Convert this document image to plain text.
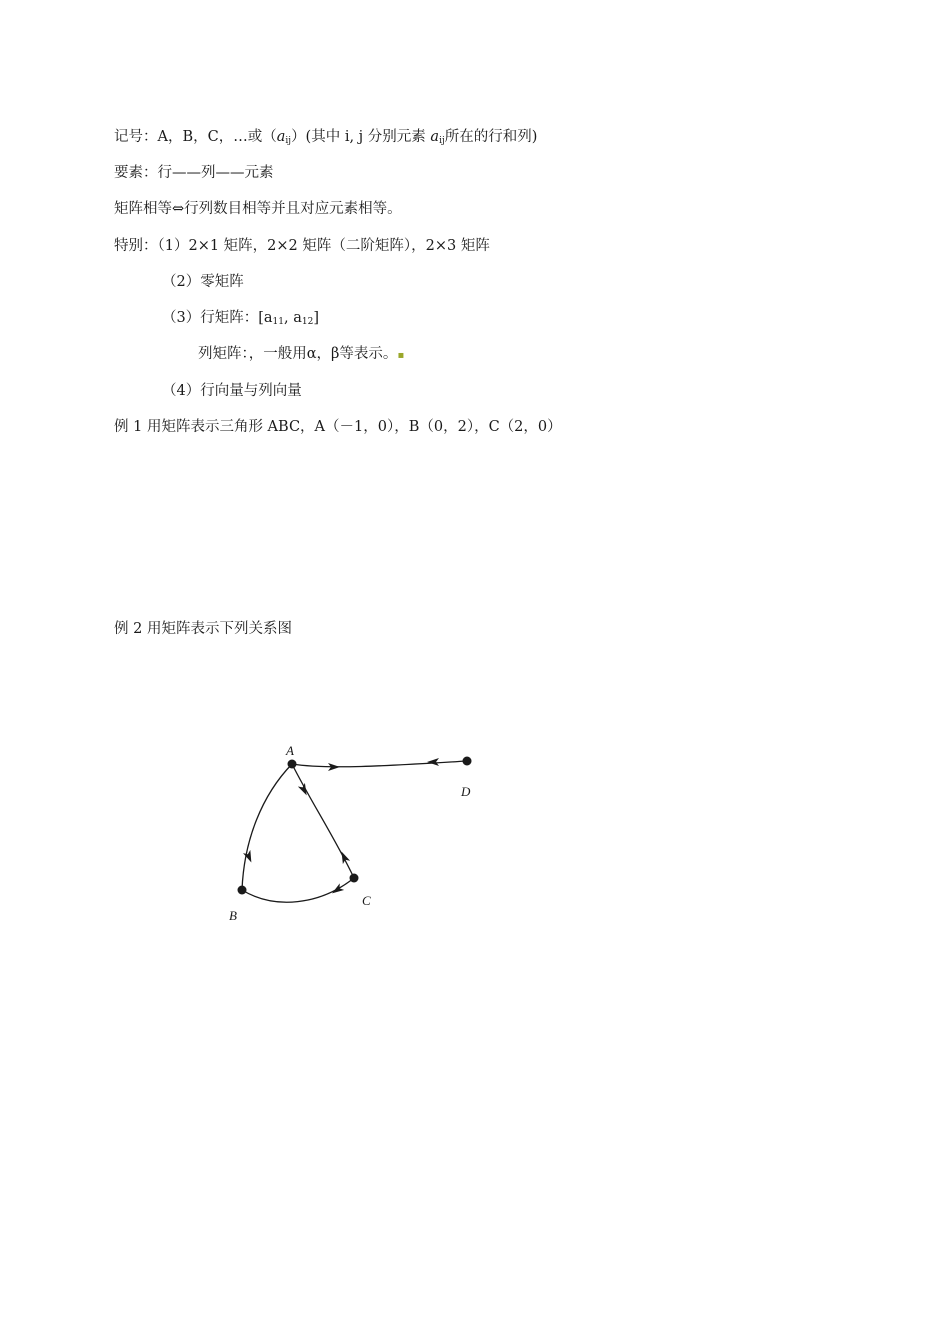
记号：A，B，C，…或$(a_{ij})$(其中 i, j 分别元素 $a_{ij}$所在的行和列)
要素：行——列——元素
矩阵相等⇔行列数目相等并且对应元素相等。
特别：（1）2×1 矩阵，2×2 矩阵（二阶矩阵），2×3 矩阵
（2）零矩阵
（3）行矩阵：[$a_{11}$, $a_{12}$]
列矩阵：，一般用α，β等表示。▪
（4）行向量与列向量
例 1 用矩阵表示三角形 ABC，A（－1，0），B（0，2），C（2，0）
例 2 用矩阵表示下列关系图
A
B
C
D
